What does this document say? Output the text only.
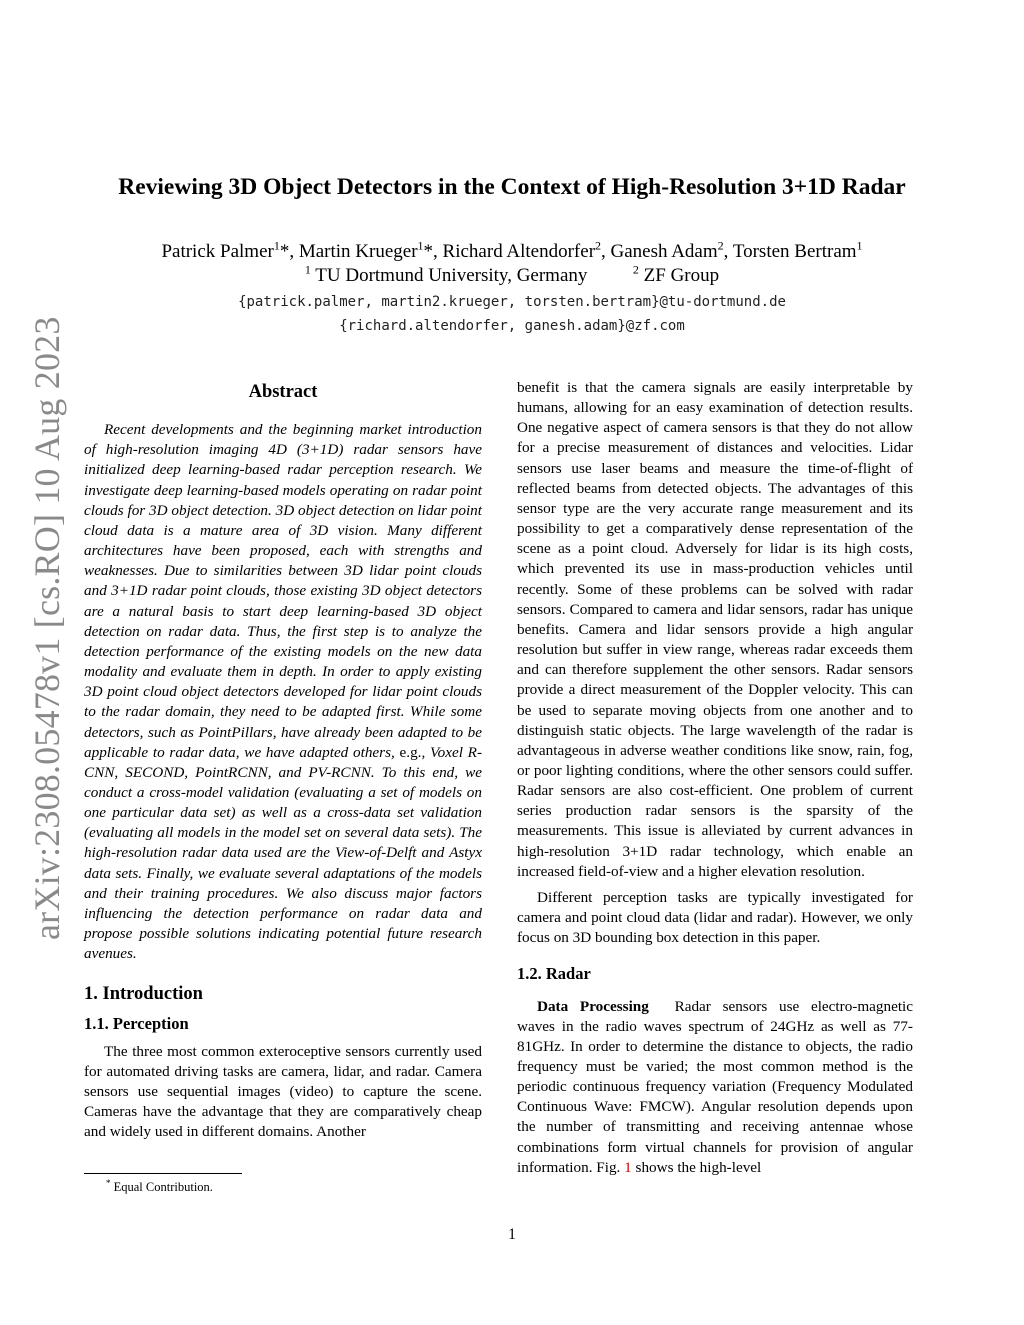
arXiv:2308.05478v1 [cs.RO] 10 Aug 2023
Reviewing 3D Object Detectors in the Context of High-Resolution 3+1D Radar
Patrick Palmer$^1$*, Martin Krueger$^1$*, Richard Altendorfer$^2$, Ganesh Adam$^2$, Torsten Bertram$^1$
$^1$ TU Dortmund University, Germany	$^2$ ZF Group
{patrick.palmer, martin2.krueger, torsten.bertram}@tu-dortmund.de
{richard.altendorfer, ganesh.adam}@zf.com
Abstract

Recent developments and the beginning market introduction of high-resolution imaging 4D (3+1D) radar sensors have initialized deep learning-based radar perception research. We investigate deep learning-based models operating on radar point clouds for 3D object detection. 3D object detection on lidar point cloud data is a mature area of 3D vision. Many different architectures have been proposed, each with strengths and weaknesses. Due to similarities between 3D lidar point clouds and 3+1D radar point clouds, those existing 3D object detectors are a natural basis to start deep learning-based 3D object detection on radar data. Thus, the first step is to analyze the detection performance of the existing models on the new data modality and evaluate them in depth. In order to apply existing 3D point cloud object detectors developed for lidar point clouds to the radar domain, they need to be adapted first. While some detectors, such as PointPillars, have already been adapted to be applicable to radar data, we have adapted others, e.g., Voxel R-CNN, SECOND, PointRCNN, and PV-RCNN. To this end, we conduct a cross-model validation (evaluating a set of models on one particular data set) as well as a cross-data set validation (evaluating all models in the model set on several data sets). The high-resolution radar data used are the View-of-Delft and Astyx data sets. Finally, we evaluate several adaptations of the models and their training procedures. We also discuss major factors influencing the detection performance on radar data and propose possible solutions indicating potential future research avenues.

1. Introduction
1.1. Perception

The three most common exteroceptive sensors currently used for automated driving tasks are camera, lidar, and radar. Camera sensors use sequential images (video) to capture the scene. Cameras have the advantage that they are comparatively cheap and widely used in different domains. Another

benefit is that the camera signals are easily interpretable by humans, allowing for an easy examination of detection results. One negative aspect of camera sensors is that they do not allow for a precise measurement of distances and velocities. Lidar sensors use laser beams and measure the time-of-flight of reflected beams from detected objects. The advantages of this sensor type are the very accurate range measurement and its possibility to get a comparatively dense representation of the scene as a point cloud. Adversely for lidar is its high costs, which prevented its use in mass-production vehicles until recently. Some of these problems can be solved with radar sensors. Compared to camera and lidar sensors, radar has unique benefits. Camera and lidar sensors provide a high angular resolution but suffer in view range, whereas radar exceeds them and can therefore supplement the other sensors. Radar sensors provide a direct measurement of the Doppler velocity. This can be used to separate moving objects from one another and to distinguish static objects. The large wavelength of the radar is advantageous in adverse weather conditions like snow, rain, fog, or poor lighting conditions, where the other sensors could suffer. Radar sensors are also cost-efficient. One problem of current series production radar sensors is the sparsity of the measurements. This issue is alleviated by current advances in high-resolution 3+1D radar technology, which enable an increased field-of-view and a higher elevation resolution.

Different perception tasks are typically investigated for camera and point cloud data (lidar and radar). However, we only focus on 3D bounding box detection in this paper.

1.2. Radar

Data Processing Radar sensors use electro-magnetic waves in the radio waves spectrum of 24GHz as well as 77-81GHz. In order to determine the distance to objects, the radio frequency must be varied; the most common method is the periodic continuous frequency variation (Frequency Modulated Continuous Wave: FMCW). Angular resolution depends upon the number of transmitting and receiving antennae whose combinations form virtual channels for provision of angular information. Fig. 1 shows the high-level

* Equal Contribution.
1
